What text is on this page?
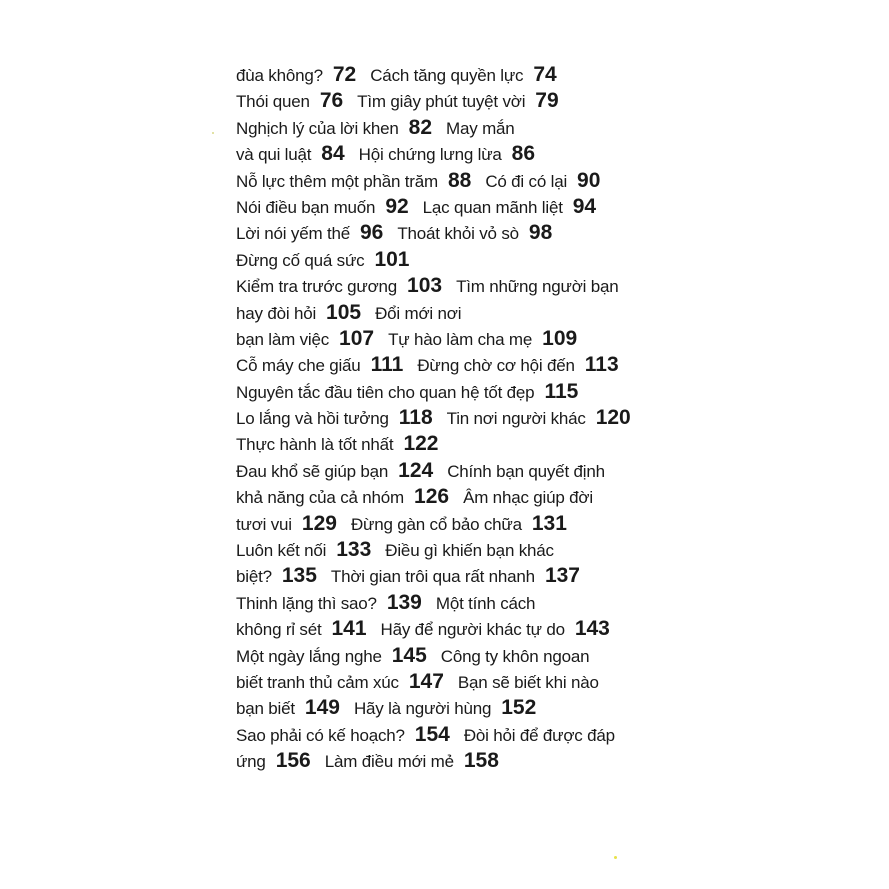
đùa không? 72 Cách tăng quyền lực 74
Thói quen 76 Tìm giây phút tuyệt vời 79
Nghịch lý của lời khen 82 May mắn
và qui luật 84 Hội chứng lưng lừa 86
Nỗ lực thêm một phần trăm 88 Có đi có lại 90
Nói điều bạn muốn 92 Lạc quan mãnh liệt 94
Lời nói yếm thế 96 Thoát khỏi vỏ sò 98
Đừng cố quá sức 101
Kiểm tra trước gương 103 Tìm những người bạn
hay đòi hỏi 105 Đổi mới nơi
bạn làm việc 107 Tự hào làm cha mẹ 109
Cỗ máy che giấu 111 Đừng chờ cơ hội đến 113
Nguyên tắc đầu tiên cho quan hệ tốt đẹp 115
Lo lắng và hồi tưởng 118 Tin nơi người khác 120
Thực hành là tốt nhất 122
Đau khổ sẽ giúp bạn 124 Chính bạn quyết định
khả năng của cả nhóm 126 Âm nhạc giúp đời
tươi vui 129 Đừng gàn cổ bảo chữa 131
Luôn kết nối 133 Điều gì khiến bạn khác
biệt? 135 Thời gian trôi qua rất nhanh 137
Thinh lặng thì sao? 139 Một tính cách
không rỉ sét 141 Hãy để người khác tự do 143
Một ngày lắng nghe 145 Công ty khôn ngoan
biết tranh thủ cảm xúc 147 Bạn sẽ biết khi nào
bạn biết 149 Hãy là người hùng 152
Sao phải có kế hoạch? 154 Đòi hỏi để được đáp
ứng 156 Làm điều mới mẻ 158
